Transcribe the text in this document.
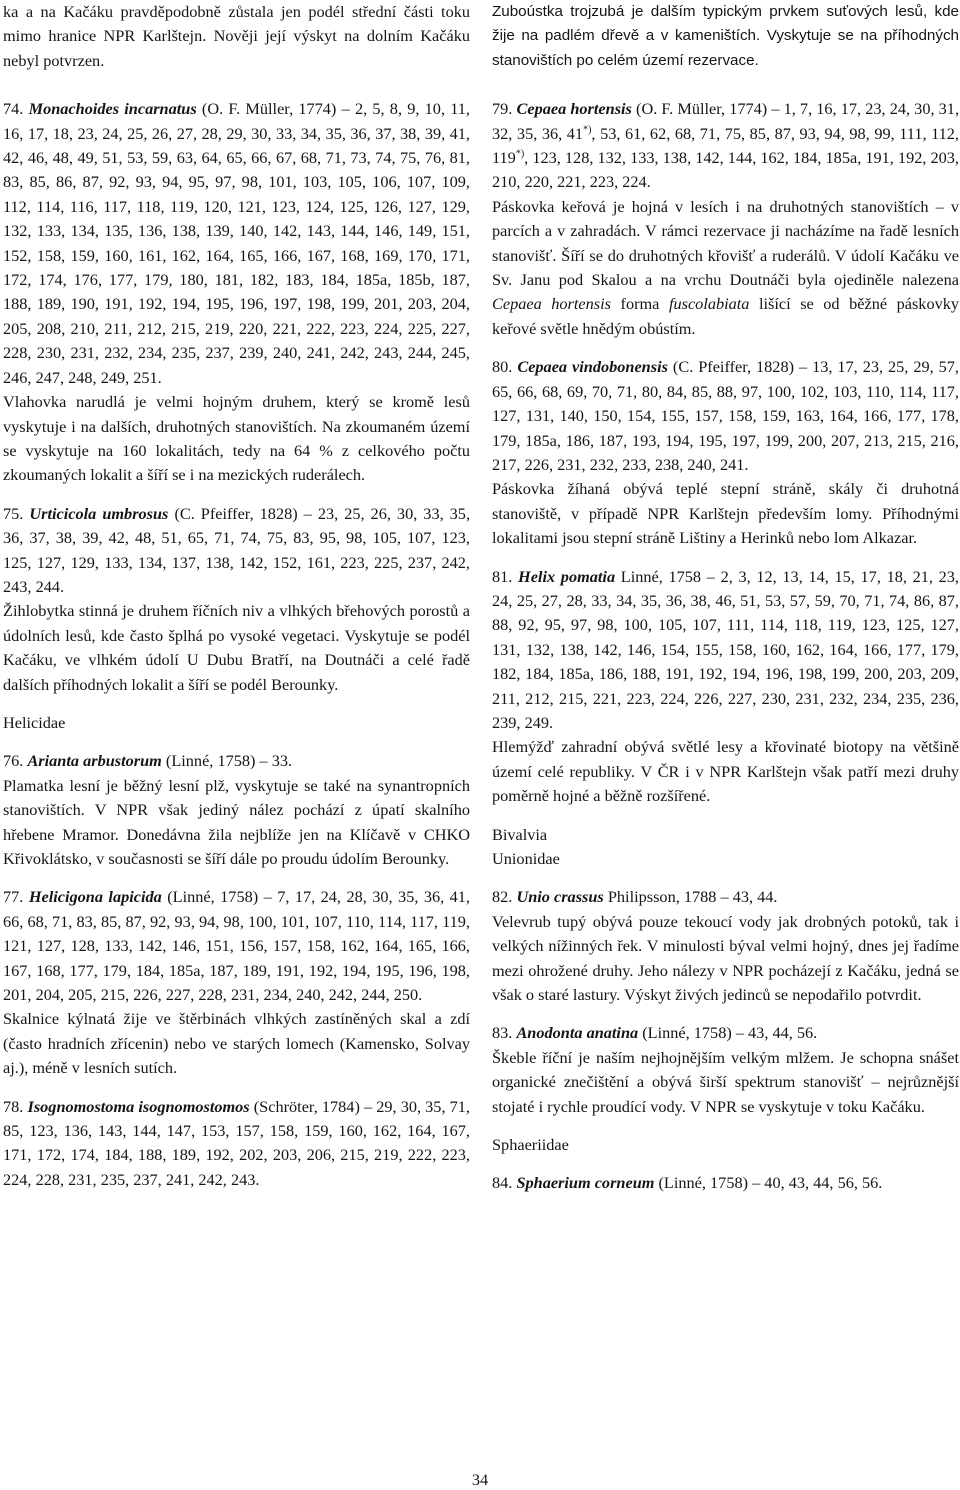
ka a na Kačáku pravděpodobně zůstala jen podél střední části toku mimo hranice NPR Karlštejn. Nověji její výskyt na dolním Kačáku nebyl potvrzen.

74. Monachoides incarnatus (O. F. Müller, 1774) – 2, 5, 8, 9, 10, 11, 16, 17, 18, 23, 24, 25, 26, 27, 28, 29, 30, 33, 34, 35, 36, 37, 38, 39, 41, 42, 46, 48, 49, 51, 53, 59, 63, 64, 65, 66, 67, 68, 71, 73, 74, 75, 76, 81, 83, 85, 86, 87, 92, 93, 94, 95, 97, 98, 101, 103, 105, 106, 107, 109, 112, 114, 116, 117, 118, 119, 120, 121, 123, 124, 125, 126, 127, 129, 132, 133, 134, 135, 136, 138, 139, 140, 142, 143, 144, 146, 149, 151, 152, 158, 159, 160, 161, 162, 164, 165, 166, 167, 168, 169, 170, 171, 172, 174, 176, 177, 179, 180, 181, 182, 183, 184, 185a, 185b, 187, 188, 189, 190, 191, 192, 194, 195, 196, 197, 198, 199, 201, 203, 204, 205, 208, 210, 211, 212, 215, 219, 220, 221, 222, 223, 224, 225, 227, 228, 230, 231, 232, 234, 235, 237, 239, 240, 241, 242, 243, 244, 245, 246, 247, 248, 249, 251.

Vlahovka narudlá je velmi hojným druhem, který se kromě lesů vyskytuje i na dalších, druhotných stanovištích. Na zkoumaném území se vyskytuje na 160 lokalitách, tedy na 64 % z celkového počtu zkoumaných lokalit a šíří se i na mezických ruderálech.

75. Urticicola umbrosus (C. Pfeiffer, 1828) – 23, 25, 26, 30, 33, 35, 36, 37, 38, 39, 42, 48, 51, 65, 71, 74, 75, 83, 95, 98, 105, 107, 123, 125, 127, 129, 133, 134, 137, 138, 142, 152, 161, 223, 225, 237, 242, 243, 244.

Žihlobytka stinná je druhem říčních niv a vlhkých břehových porostů a údolních lesů, kde často šplhá po vysoké vegetaci. Vyskytuje se podél Kačáku, ve vlhkém údolí U Dubu Bratří, na Doutnáči a celé řadě dalších příhodných lokalit a šíří se podél Berounky.

Helicidae

76. Arianta arbustorum (Linné, 1758) – 33.

Plamatka lesní je běžný lesní plž, vyskytuje se také na synantropních stanovištích. V NPR však jediný nález pochází z úpatí skalního hřebene Mramor. Donedávna žila nejblíže jen na Klíčavě v CHKO Křivoklátsko, v současnosti se šíří dále po proudu údolím Berounky.

77. Helicigona lapicida (Linné, 1758) – 7, 17, 24, 28, 30, 35, 36, 41, 66, 68, 71, 83, 85, 87, 92, 93, 94, 98, 100, 101, 107, 110, 114, 117, 119, 121, 127, 128, 133, 142, 146, 151, 156, 157, 158, 162, 164, 165, 166, 167, 168, 177, 179, 184, 185a, 187, 189, 191, 192, 194, 195, 196, 198, 201, 204, 205, 215, 226, 227, 228, 231, 234, 240, 242, 244, 250.

Skalnice kýlnatá žije ve štěrbinách vlhkých zastíněných skal a zdí (často hradních zřícenin) nebo ve starých lomech (Kamensko, Solvay aj.), méně v lesních sutích.

78. Isognomostoma isognomostomos (Schröter, 1784) – 29, 30, 35, 71, 85, 123, 136, 143, 144, 147, 153, 157, 158, 159, 160, 162, 164, 167, 171, 172, 174, 184, 188, 189, 192, 202, 203, 206, 215, 219, 222, 223, 224, 228, 231, 235, 237, 241, 242, 243.

Zuboústka trojzubá je dalším typickým prvkem suťových lesů, kde žije na padlém dřevě a v kameništích. Vyskytuje se na příhodných stanovištích po celém území rezervace.

79. Cepaea hortensis (O. F. Müller, 1774) – 1, 7, 16, 17, 23, 24, 30, 31, 32, 35, 36, 41*), 53, 61, 62, 68, 71, 75, 85, 87, 93, 94, 98, 99, 111, 112, 119*), 123, 128, 132, 133, 138, 142, 144, 162, 184, 185a, 191, 192, 203, 210, 220, 221, 223, 224.

Páskovka keřová je hojná v lesích i na druhotných stanovištích – v parcích a v zahradách. V rámci rezervace ji nacházíme na řadě lesních stanovišť. Šíří se do druhotných křovišť a ruderálů. V údolí Kačáku ve Sv. Janu pod Skalou a na vrchu Doutnáči byla ojediněle nalezena Cepaea hortensis forma fuscolabiata lišící se od běžné páskovky keřové světle hnědým obústím.

80. Cepaea vindobonensis (C. Pfeiffer, 1828) – 13, 17, 23, 25, 29, 57, 65, 66, 68, 69, 70, 71, 80, 84, 85, 88, 97, 100, 102, 103, 110, 114, 117, 127, 131, 140, 150, 154, 155, 157, 158, 159, 163, 164, 166, 177, 178, 179, 185a, 186, 187, 193, 194, 195, 197, 199, 200, 207, 213, 215, 216, 217, 226, 231, 232, 233, 238, 240, 241.

Páskovka žíhaná obývá teplé stepní stráně, skály či druhotná stanoviště, v případě NPR Karlštejn především lomy. Příhodnými lokalitami jsou stepní stráně Lištiny a Herinků nebo lom Alkazar.

81. Helix pomatia Linné, 1758 – 2, 3, 12, 13, 14, 15, 17, 18, 21, 23, 24, 25, 27, 28, 33, 34, 35, 36, 38, 46, 51, 53, 57, 59, 70, 71, 74, 86, 87, 88, 92, 95, 97, 98, 100, 105, 107, 111, 114, 118, 119, 123, 125, 127, 131, 132, 138, 142, 146, 154, 155, 158, 160, 162, 164, 166, 177, 179, 182, 184, 185a, 186, 188, 191, 192, 194, 196, 198, 199, 200, 203, 209, 211, 212, 215, 221, 223, 224, 226, 227, 230, 231, 232, 234, 235, 236, 239, 249.

Hlemýžď zahradní obývá světlé lesy a křovinaté biotopy na většině území celé republiky. V ČR i v NPR Karlštejn však patří mezi druhy poměrně hojné a běžně rozšířené.

Bivalvia

Unionidae

82. Unio crassus Philipsson, 1788 – 43, 44.

Velevrub tupý obývá pouze tekoucí vody jak drobných potoků, tak i velkých nížinných řek. V minulosti býval velmi hojný, dnes jej řadíme mezi ohrožené druhy. Jeho nálezy v NPR pocházejí z Kačáku, jedná se však o staré lastury. Výskyt živých jedinců se nepodařilo potvrdit.

83. Anodonta anatina (Linné, 1758) – 43, 44, 56.

Škeble říční je naším nejhojnějším velkým mlžem. Je schopna snášet organické znečištění a obývá širší spektrum stanovišť – nejrůznější stojaté i rychle proudící vody. V NPR se vyskytuje v toku Kačáku.

Sphaeriidae

84. Sphaerium corneum (Linné, 1758) – 40, 43, 44, 56, 56.

34
